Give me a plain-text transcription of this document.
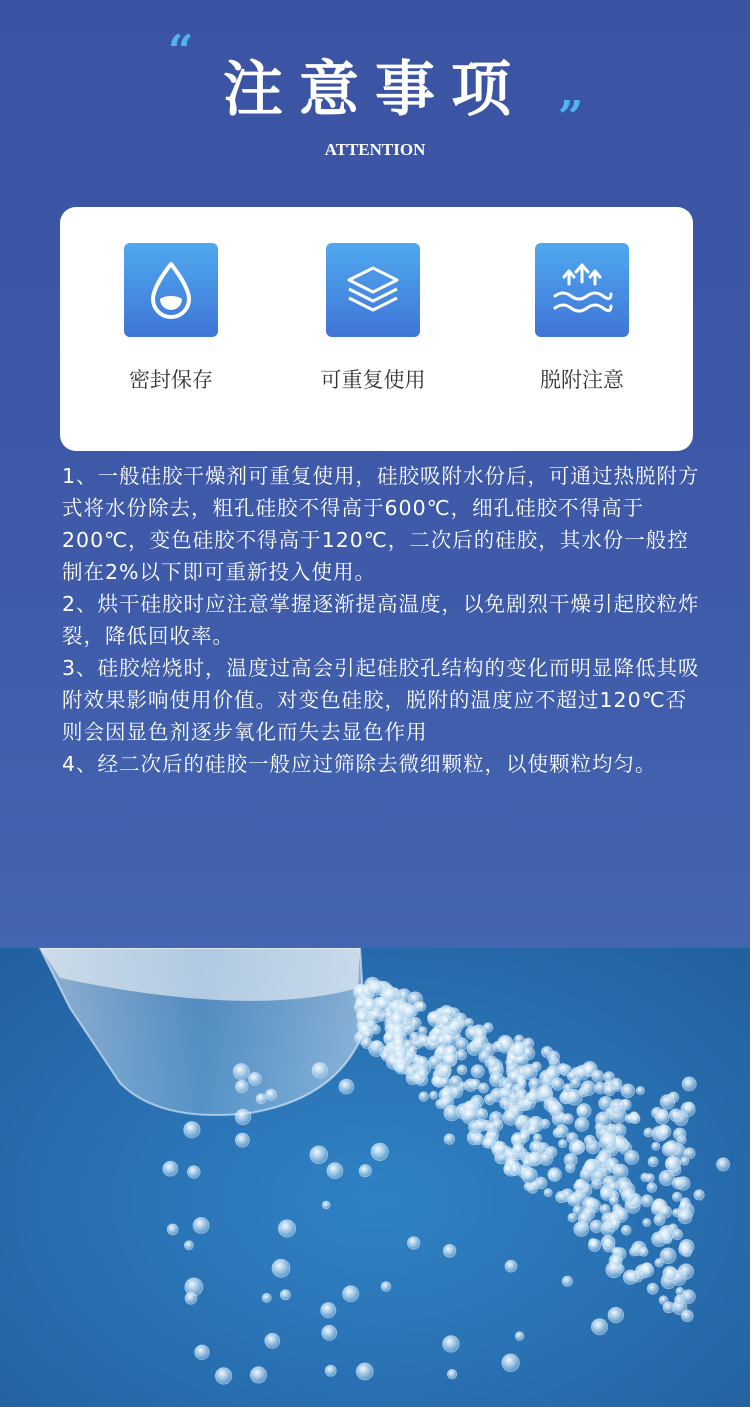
“
注意事项 ”
ATTENTION
密封保存	可重复使用	脱附注意

1、一般硅胶干燥剂可重复使用，硅胶吸附水份后，可通过热脱附方式将水份除去，粗孔硅胶不得高于600℃，细孔硅胶不得高于200℃，变色硅胶不得高于120℃，二次后的硅胶，其水份一般控制在2%以下即可重新投入使用。

2、烘干硅胶时应注意掌握逐渐提高温度，以免剧烈干燥引起胶粒炸裂，降低回收率。

3、硅胶焙烧时，温度过高会引起硅胶孔结构的变化而明显降低其吸附效果影响使用价值。对变色硅胶，脱附的温度应不超过120℃否则会因显色剂逐步氧化而失去显色作用

4、经二次后的硅胶一般应过筛除去微细颗粒，以使颗粒均匀。
